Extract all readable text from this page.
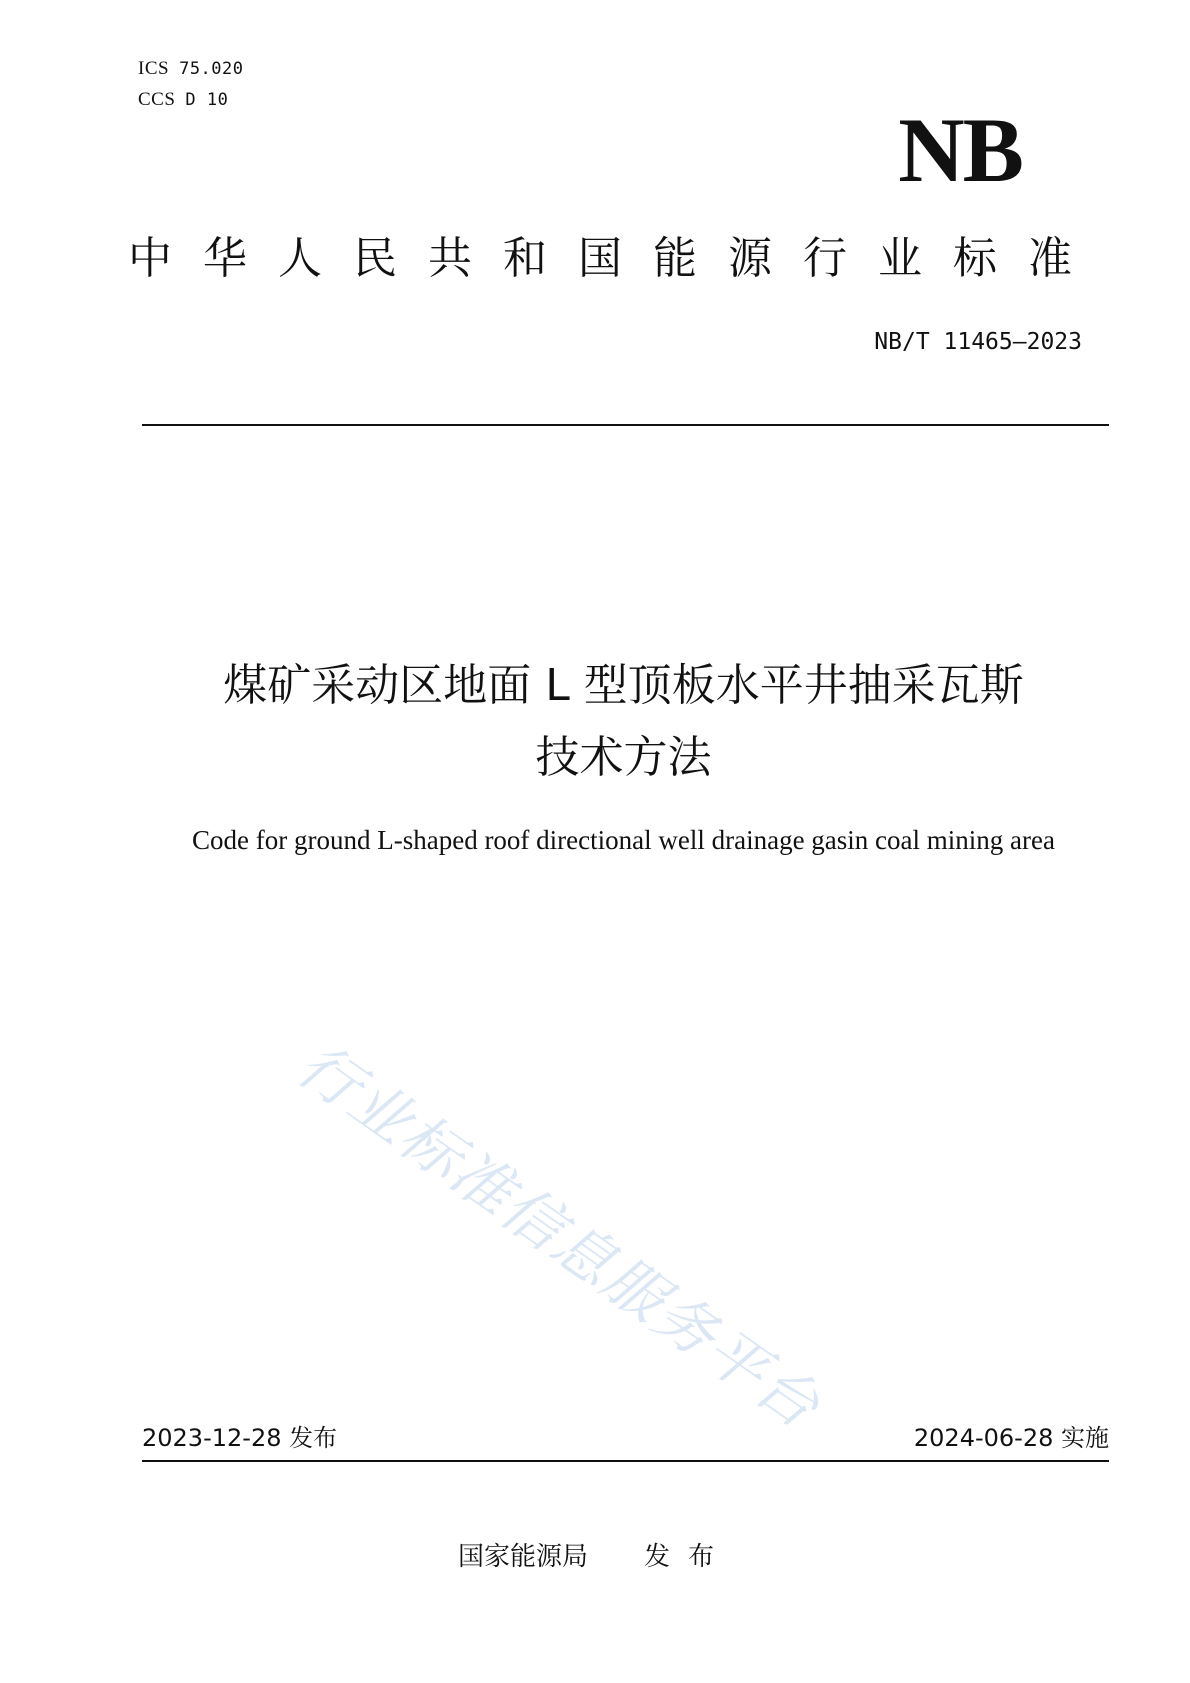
ICS 75.020
CCS D 10	NB
中华人民共和国能源行业标准
NB/T 11465—2023
煤矿采动区地面 L 型顶板水平井抽采瓦斯
技术方法
Code for ground L-shaped roof directional well drainage gasin coal mining area
行业标准信息服务平台
2023-12-28 发布	2024-06-28 实施
国家能源局 发布
